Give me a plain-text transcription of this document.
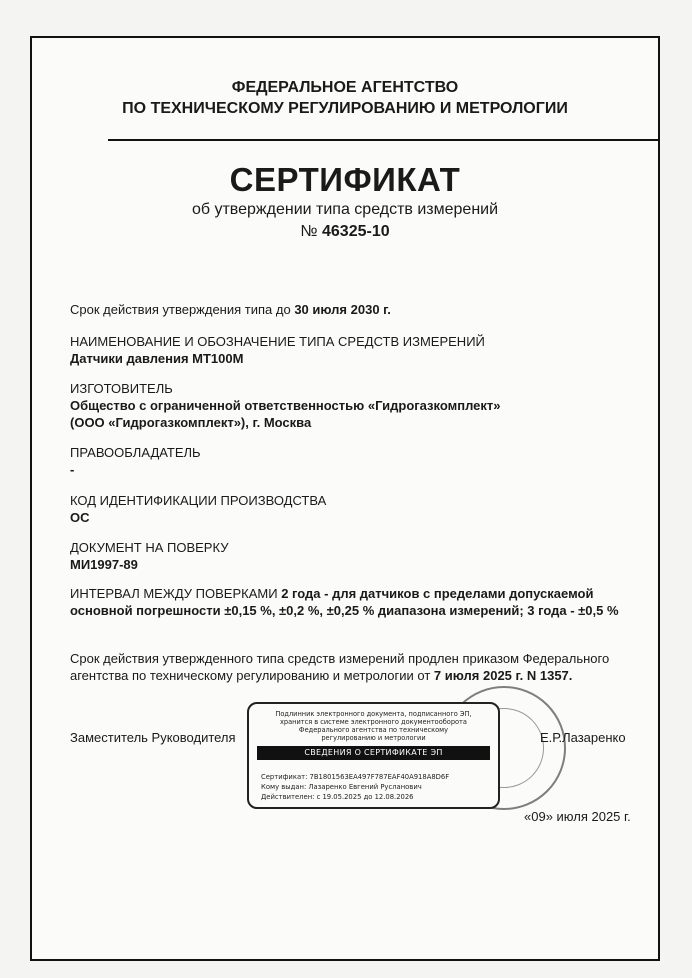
ФЕДЕРАЛЬНОЕ АГЕНТСТВО
ПО ТЕХНИЧЕСКОМУ РЕГУЛИРОВАНИЮ И МЕТРОЛОГИИ
СЕРТИФИКАТ
об утверждении типа средств измерений
№ 46325-10
Срок действия утверждения типа до 30 июля 2030 г.
НАИМЕНОВАНИЕ И ОБОЗНАЧЕНИЕ ТИПА СРЕДСТВ ИЗМЕРЕНИЙ
Датчики давления МТ100М
ИЗГОТОВИТЕЛЬ
Общество с ограниченной ответственностью «Гидрогазкомплект»
(ООО «Гидрогазкомплект»), г. Москва
ПРАВООБЛАДАТЕЛЬ
-
КОД ИДЕНТИФИКАЦИИ ПРОИЗВОДСТВА
ОС
ДОКУМЕНТ НА ПОВЕРКУ
МИ1997-89
ИНТЕРВАЛ МЕЖДУ ПОВЕРКАМИ 2 года - для датчиков с пределами допускаемой
основной погрешности ±0,15 %, ±0,2 %, ±0,25 % диапазона измерений; 3 года - ±0,5 %
Срок действия утвержденного типа средств измерений продлен приказом Федерального
агентства по техническому регулированию и метрологии от 7 июля 2025 г. N 1357.
Заместитель Руководителя
Подлинник электронного документа, подписанного ЭП,
хранится в системе электронного документооборота
Федерального агентства по техническому
регулированию и метрологии
СВЕДЕНИЯ О СЕРТИФИКАТЕ ЭП
Сертификат: 7B1801563EA497F787EAF40A918A8D6F
Кому выдан: Лазаренко Евгений Русланович
Действителен: с 19.05.2025 до 12.08.2026
Е.Р.Лазаренко
«09» июля 2025 г.
